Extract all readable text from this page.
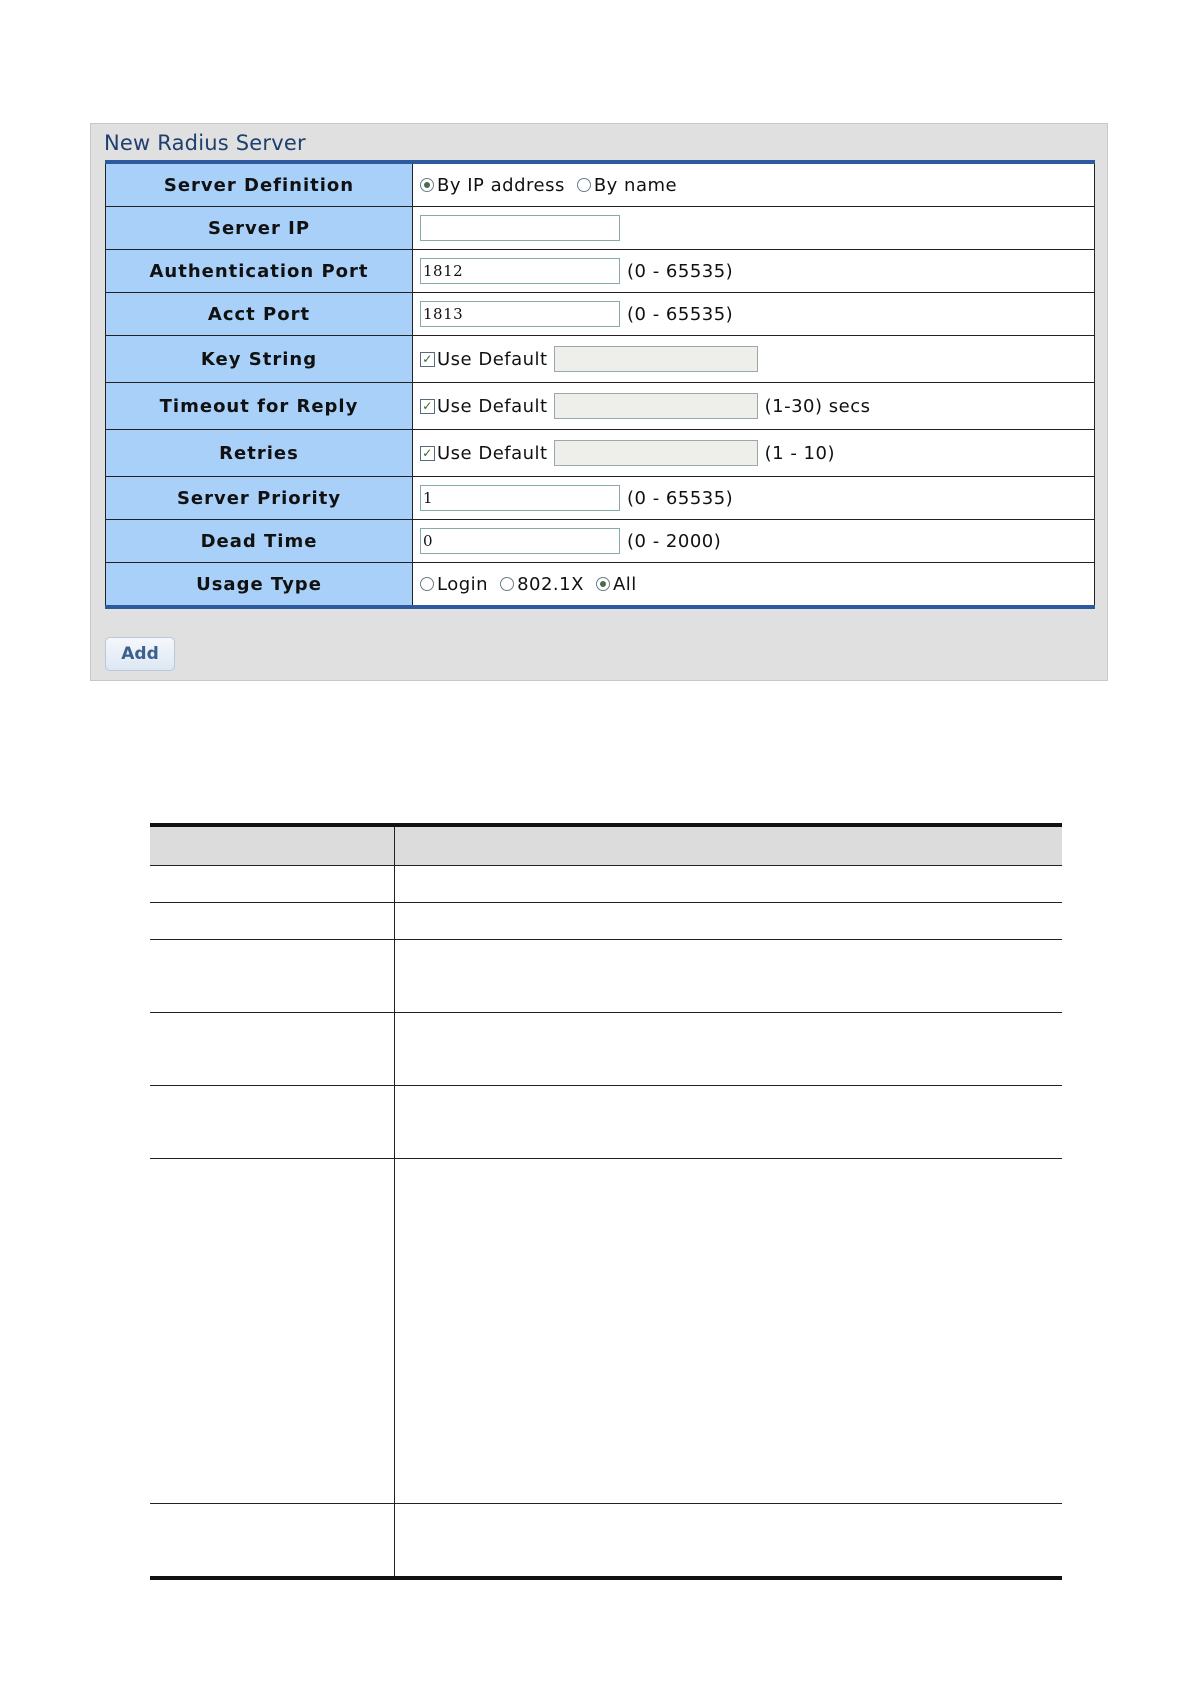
New Radius Server
Server Definition	By IP address By name

Server IP	

Authentication Port	1812 (0 - 65535)

Acct Port	1813 (0 - 65535)

Key String	✓ Use Default

Timeout for Reply	✓ Use Default (1-30) secs

Retries	✓ Use Default (1 - 10)

Server Priority	1 (0 - 65535)

Dead Time	0 (0 - 2000)

Usage Type	Login 802.1X All
Add
